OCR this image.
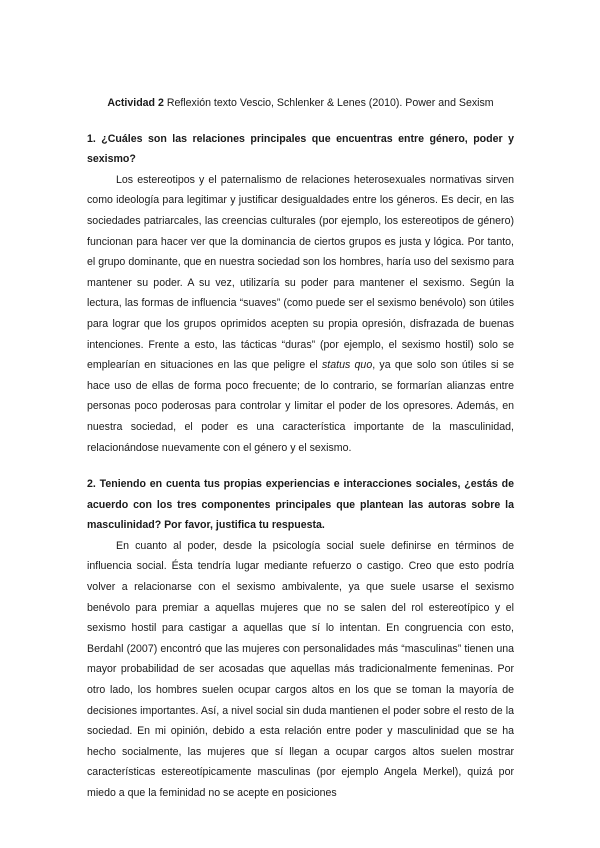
Actividad 2 Reflexión texto Vescio, Schlenker & Lenes (2010). Power and Sexism

1. ¿Cuáles son las relaciones principales que encuentras entre género, poder y sexismo?

Los estereotipos y el paternalismo de relaciones heterosexuales normativas sirven como ideología para legitimar y justificar desigualdades entre los géneros. Es decir, en las sociedades patriarcales, las creencias culturales (por ejemplo, los estereotipos de género) funcionan para hacer ver que la dominancia de ciertos grupos es justa y lógica. Por tanto, el grupo dominante, que en nuestra sociedad son los hombres, haría uso del sexismo para mantener su poder. A su vez, utilizaría su poder para mantener el sexismo. Según la lectura, las formas de influencia “suaves” (como puede ser el sexismo benévolo) son útiles para lograr que los grupos oprimidos acepten su propia opresión, disfrazada de buenas intenciones. Frente a esto, las tácticas “duras” (por ejemplo, el sexismo hostil) solo se emplearían en situaciones en las que peligre el status quo, ya que solo son útiles si se hace uso de ellas de forma poco frecuente; de lo contrario, se formarían alianzas entre personas poco poderosas para controlar y limitar el poder de los opresores. Además, en nuestra sociedad, el poder es una característica importante de la masculinidad, relacionándose nuevamente con el género y el sexismo.

2. Teniendo en cuenta tus propias experiencias e interacciones sociales, ¿estás de acuerdo con los tres componentes principales que plantean las autoras sobre la masculinidad? Por favor, justifica tu respuesta.

En cuanto al poder, desde la psicología social suele definirse en términos de influencia social. Ésta tendría lugar mediante refuerzo o castigo. Creo que esto podría volver a relacionarse con el sexismo ambivalente, ya que suele usarse el sexismo benévolo para premiar a aquellas mujeres que no se salen del rol estereotípico y el sexismo hostil para castigar a aquellas que sí lo intentan. En congruencia con esto, Berdahl (2007) encontró que las mujeres con personalidades más “masculinas” tienen una mayor probabilidad de ser acosadas que aquellas más tradicionalmente femeninas. Por otro lado, los hombres suelen ocupar cargos altos en los que se toman la mayoría de decisiones importantes. Así, a nivel social sin duda mantienen el poder sobre el resto de la sociedad. En mi opinión, debido a esta relación entre poder y masculinidad que se ha hecho socialmente, las mujeres que sí llegan a ocupar cargos altos suelen mostrar características estereotípicamente masculinas (por ejemplo Angela Merkel), quizá por miedo a que la feminidad no se acepte en posiciones
